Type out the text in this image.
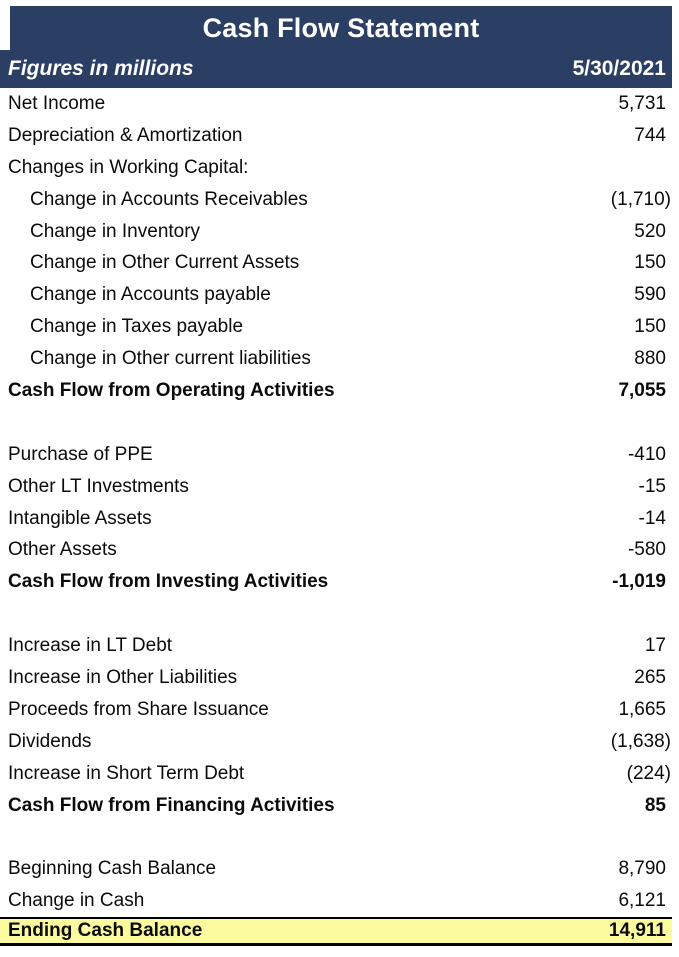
Cash Flow Statement
Figures in millions	5/30/2021
Net Income	5,731
Depreciation & Amortization	744
Changes in Working Capital:
Change in Accounts Receivables	(1,710)
Change in Inventory	520
Change in Other Current Assets	150
Change in Accounts payable	590
Change in Taxes payable	150
Change in Other current liabilities	880
Cash Flow from Operating Activities	7,055
Purchase of PPE	-410
Other LT Investments	-15
Intangible Assets	-14
Other Assets	-580
Cash Flow from Investing Activities	-1,019
Increase in LT Debt	17
Increase in Other Liabilities	265
Proceeds from Share Issuance	1,665
Dividends	(1,638)
Increase in Short Term Debt	(224)
Cash Flow from Financing Activities	85
Beginning Cash Balance	8,790
Change in Cash	6,121
Ending Cash Balance	14,911
